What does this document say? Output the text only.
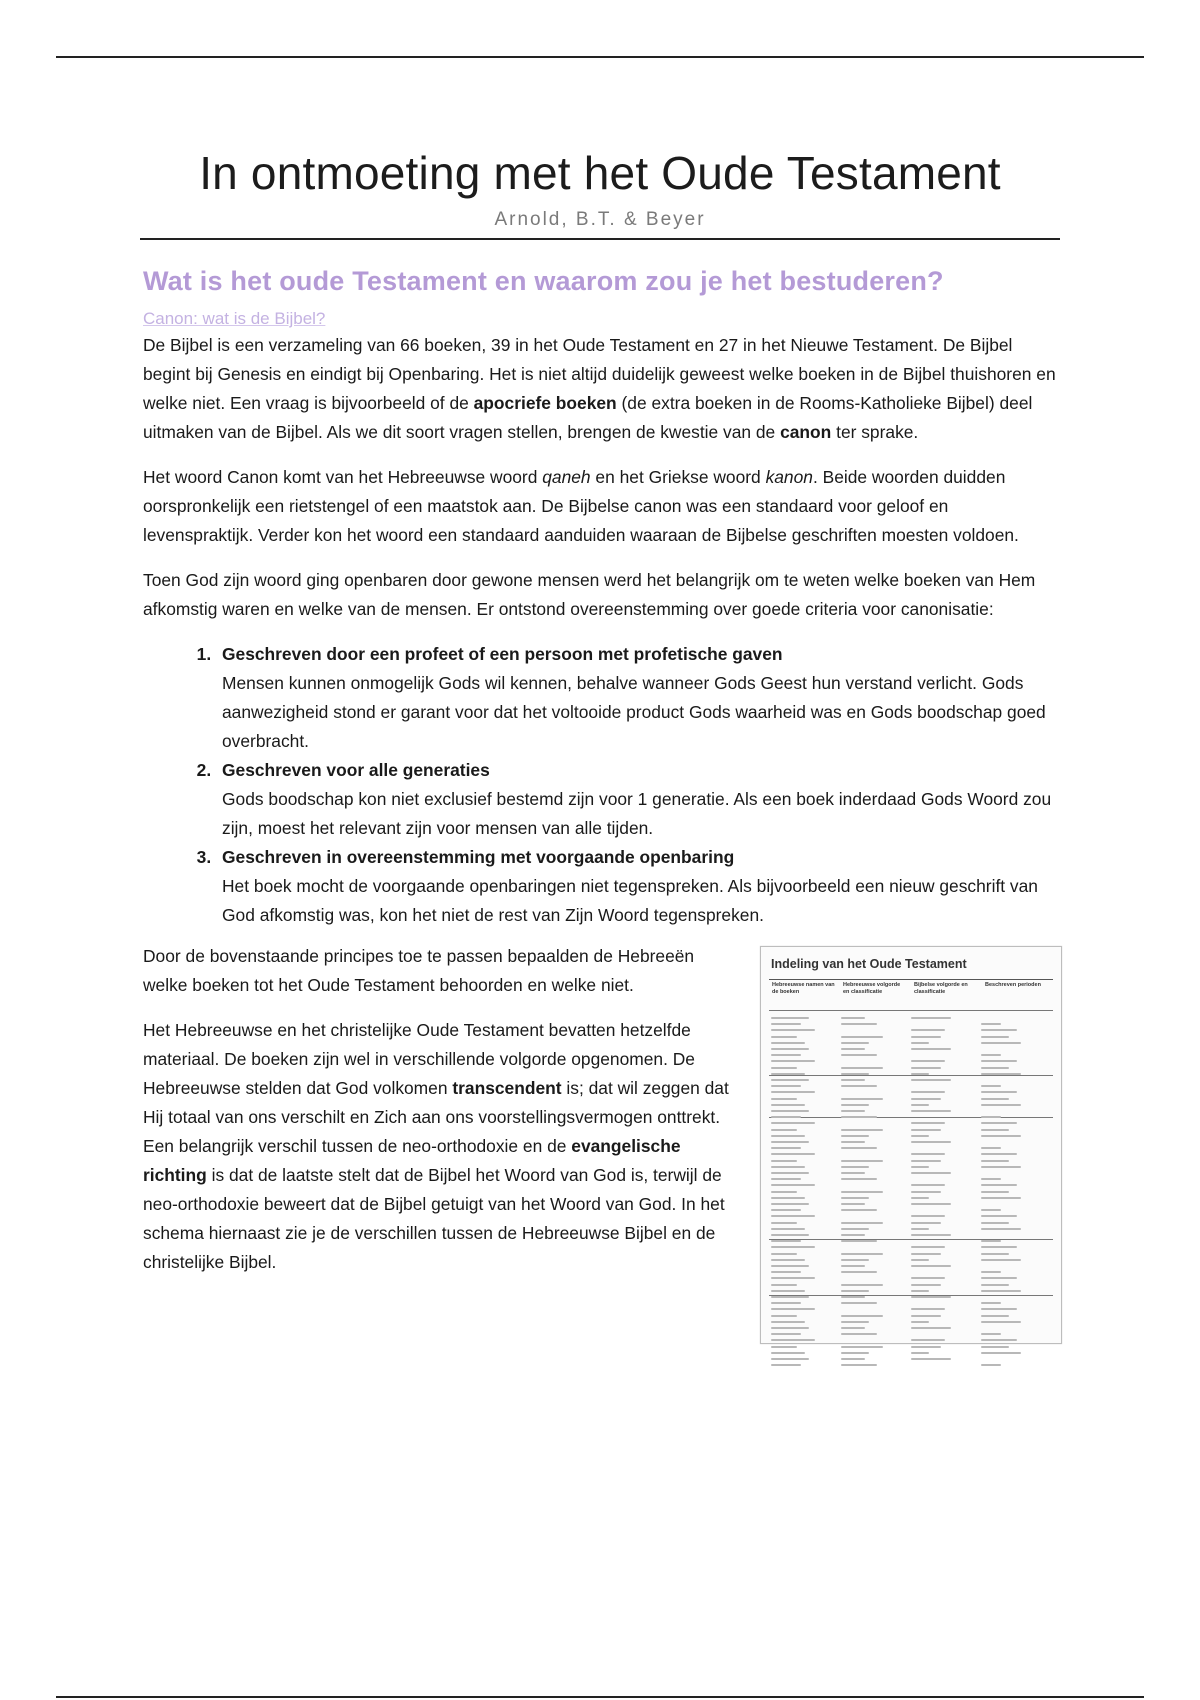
In ontmoeting met het Oude Testament
Arnold, B.T. & Beyer
Wat is het oude Testament en waarom zou je het bestuderen?
Canon: wat is de Bijbel?

De Bijbel is een verzameling van 66 boeken, 39 in het Oude Testament en 27 in het Nieuwe Testament. De Bijbel begint bij Genesis en eindigt bij Openbaring. Het is niet altijd duidelijk geweest welke boeken in de Bijbel thuishoren en welke niet. Een vraag is bijvoorbeeld of de apocriefe boeken (de extra boeken in de Rooms-Katholieke Bijbel) deel uitmaken van de Bijbel. Als we dit soort vragen stellen, brengen de kwestie van de canon ter sprake.

Het woord Canon komt van het Hebreeuwse woord qaneh en het Griekse woord kanon. Beide woorden duidden oorspronkelijk een rietstengel of een maatstok aan. De Bijbelse canon was een standaard voor geloof en levenspraktijk. Verder kon het woord een standaard aanduiden waaraan de Bijbelse geschriften moesten voldoen.

Toen God zijn woord ging openbaren door gewone mensen werd het belangrijk om te weten welke boeken van Hem afkomstig waren en welke van de mensen. Er ontstond overeenstemming over goede criteria voor canonisatie:

1. Geschreven door een profeet of een persoon met profetische gaven
Mensen kunnen onmogelijk Gods wil kennen, behalve wanneer Gods Geest hun verstand verlicht. Gods aanwezigheid stond er garant voor dat het voltooide product Gods waarheid was en Gods boodschap goed overbracht.
2. Geschreven voor alle generaties
Gods boodschap kon niet exclusief bestemd zijn voor 1 generatie. Als een boek inderdaad Gods Woord zou zijn, moest het relevant zijn voor mensen van alle tijden.
3. Geschreven in overeenstemming met voorgaande openbaring
Het boek mocht de voorgaande openbaringen niet tegenspreken. Als bijvoorbeeld een nieuw geschrift van God afkomstig was, kon het niet de rest van Zijn Woord tegenspreken.

Door de bovenstaande principes toe te passen bepaalden de Hebreeën welke boeken tot het Oude Testament behoorden en welke niet.

Het Hebreeuwse en het christelijke Oude Testament bevatten hetzelfde materiaal. De boeken zijn wel in verschillende volgorde opgenomen. De Hebreeuwse stelden dat God volkomen transcendent is; dat wil zeggen dat Hij totaal van ons verschilt en Zich aan ons voorstellingsvermogen onttrekt. Een belangrijk verschil tussen de neo-orthodoxie en de evangelische richting is dat de laatste stelt dat de Bijbel het Woord van God is, terwijl de neo-orthodoxie beweert dat de Bijbel getuigt van het Woord van God. In het schema hiernaast zie je de verschillen tussen de Hebreeuwse Bijbel en de christelijke Bijbel.

Indeling van het Oude Testament
Hebreeuwse namen van de boeken
Hebreeuwse volgorde en classificatie
Bijbelse volgorde en classificatie
Beschreven perioden
